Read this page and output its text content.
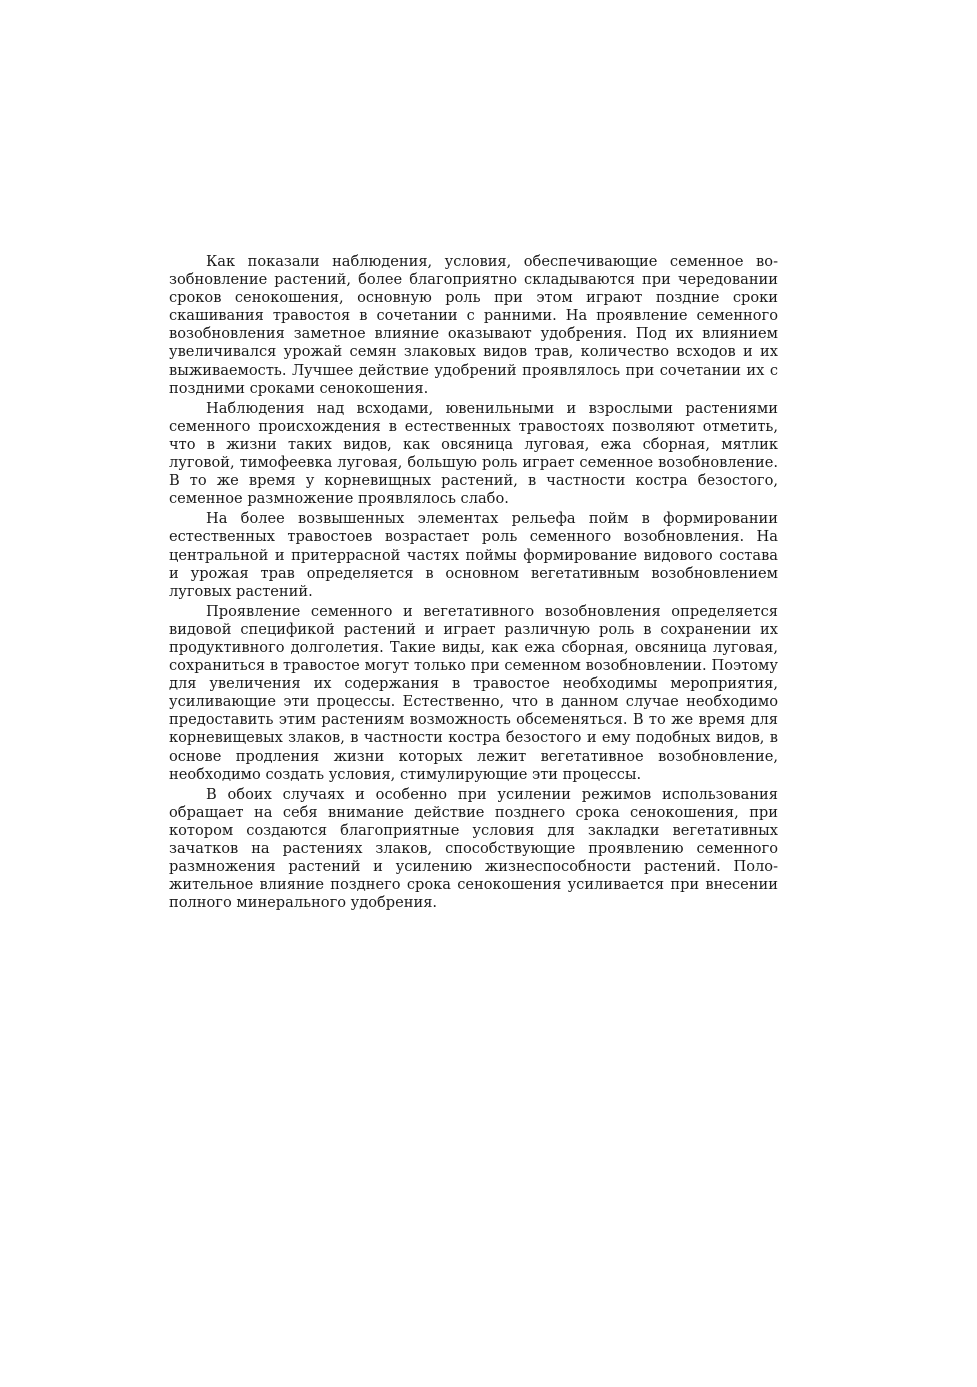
Как показали наблюдения, условия, обеспечивающие семенное возобновление растений, более благоприятно складываются при чередовании сроков сенокошения, основную роль при этом играют поздние сроки скашивания травостоя в сочетании с ранними. На проявление семенного возобновления заметное влияние оказывают удобрения. Под их влиянием увеличивался урожай семян злаковых видов трав, количество всходов и их выживаемость. Лучшее действие удобрений проявлялось при сочетании их с поздними сроками сенокошения.

Наблюдения над всходами, ювенильными и взрослыми растениями семенного происхождения в естественных травостоях позволяют отметить, что в жизни таких видов, как овсяница луговая, ежа сборная, мятлик луговой, тимофеевка луговая, большую роль играет семенное возобновление. В то же время у корневищных растений, в частности костра безостого, семенное размножение проявлялось слабо.

На более возвышенных элементах рельефа пойм в формировании естественных травостоев возрастает роль семенного возобновления. На центральной и притеррасной частях поймы формирование видового состава и урожая трав определяется в основном вегетативным возобновлением луговых растений.

Проявление семенного и вегетативного возобновления определяется видовой спецификой растений и играет различную роль в сохранении их продуктивного долголетия. Такие виды, как ежа сборная, овсяница луговая, сохраниться в травостое могут только при семенном возобновлении. Поэтому для увеличения их содержания в травостое необходимы мероприятия, усиливающие эти процессы. Естественно, что в данном случае необходимо предоставить этим растениям возможность обсеменяться. В то же время для корневищевых злаков, в частности костра безостого и ему подобных видов, в основе продления жизни которых лежит вегетативное возобновление, необходимо создать условия, стимулирующие эти процессы.

В обоих случаях и особенно при усилении режимов использования обращает на себя внимание действие позднего срока сенокошения, при котором создаются благоприятные условия для закладки вегетативных зачатков на растениях злаков, способствующие проявлению семенного размножения растений и усилению жизнеспособности растений. Положительное влияние позднего срока сенокошения усиливается при внесении полного минерального удобрения.
